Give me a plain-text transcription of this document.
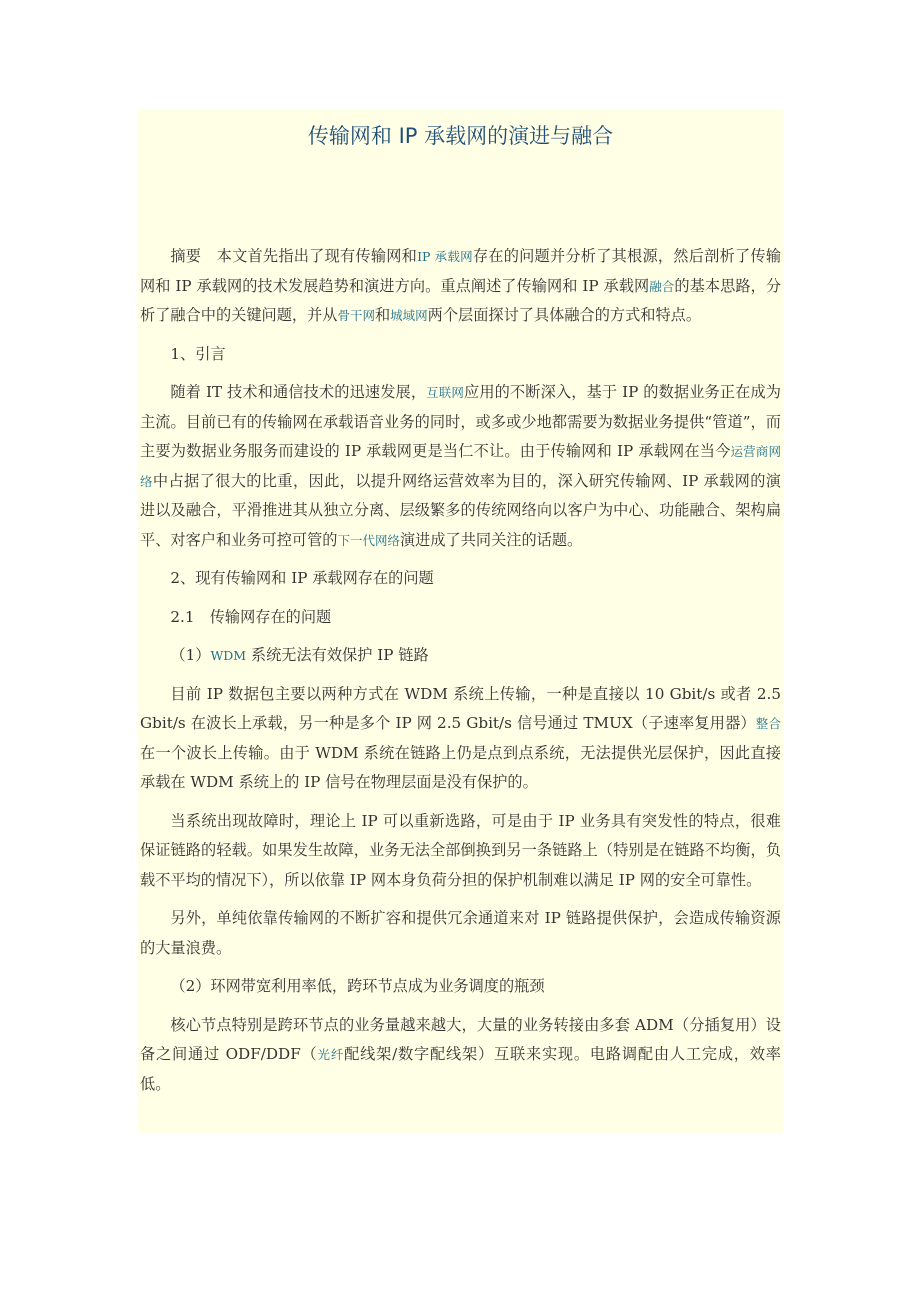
传输网和 IP 承载网的演进与融合

摘要　本文首先指出了现有传输网和IP 承载网存在的问题并分析了其根源，然后剖析了传输网和 IP 承载网的技术发展趋势和演进方向。重点阐述了传输网和 IP 承载网融合的基本思路，分析了融合中的关键问题，并从骨干网和城域网两个层面探讨了具体融合的方式和特点。

1、引言

随着 IT 技术和通信技术的迅速发展，互联网应用的不断深入，基于 IP 的数据业务正在成为主流。目前已有的传输网在承载语音业务的同时，或多或少地都需要为数据业务提供“管道”，而主要为数据业务服务而建设的 IP 承载网更是当仁不让。由于传输网和 IP 承载网在当今运营商网络中占据了很大的比重，因此，以提升网络运营效率为目的，深入研究传输网、IP 承载网的演进以及融合，平滑推进其从独立分离、层级繁多的传统网络向以客户为中心、功能融合、架构扁平、对客户和业务可控可管的下一代网络演进成了共同关注的话题。

2、现有传输网和 IP 承载网存在的问题

2.1　传输网存在的问题

（1）WDM 系统无法有效保护 IP 链路

目前 IP 数据包主要以两种方式在 WDM 系统上传输，一种是直接以 10 Gbit/s 或者 2.5 Gbit/s 在波长上承载，另一种是多个 IP 网 2.5 Gbit/s 信号通过 TMUX（子速率复用器）整合在一个波长上传输。由于 WDM 系统在链路上仍是点到点系统，无法提供光层保护，因此直接承载在 WDM 系统上的 IP 信号在物理层面是没有保护的。

当系统出现故障时，理论上 IP 可以重新选路，可是由于 IP 业务具有突发性的特点，很难保证链路的轻载。如果发生故障，业务无法全部倒换到另一条链路上（特别是在链路不均衡，负载不平均的情况下），所以依靠 IP 网本身负荷分担的保护机制难以满足 IP 网的安全可靠性。

另外，单纯依靠传输网的不断扩容和提供冗余通道来对 IP 链路提供保护，会造成传输资源的大量浪费。

（2）环网带宽利用率低，跨环节点成为业务调度的瓶颈

核心节点特别是跨环节点的业务量越来越大，大量的业务转接由多套 ADM（分插复用）设备之间通过 ODF/DDF（光纤配线架/数字配线架）互联来实现。电路调配由人工完成，效率低。
